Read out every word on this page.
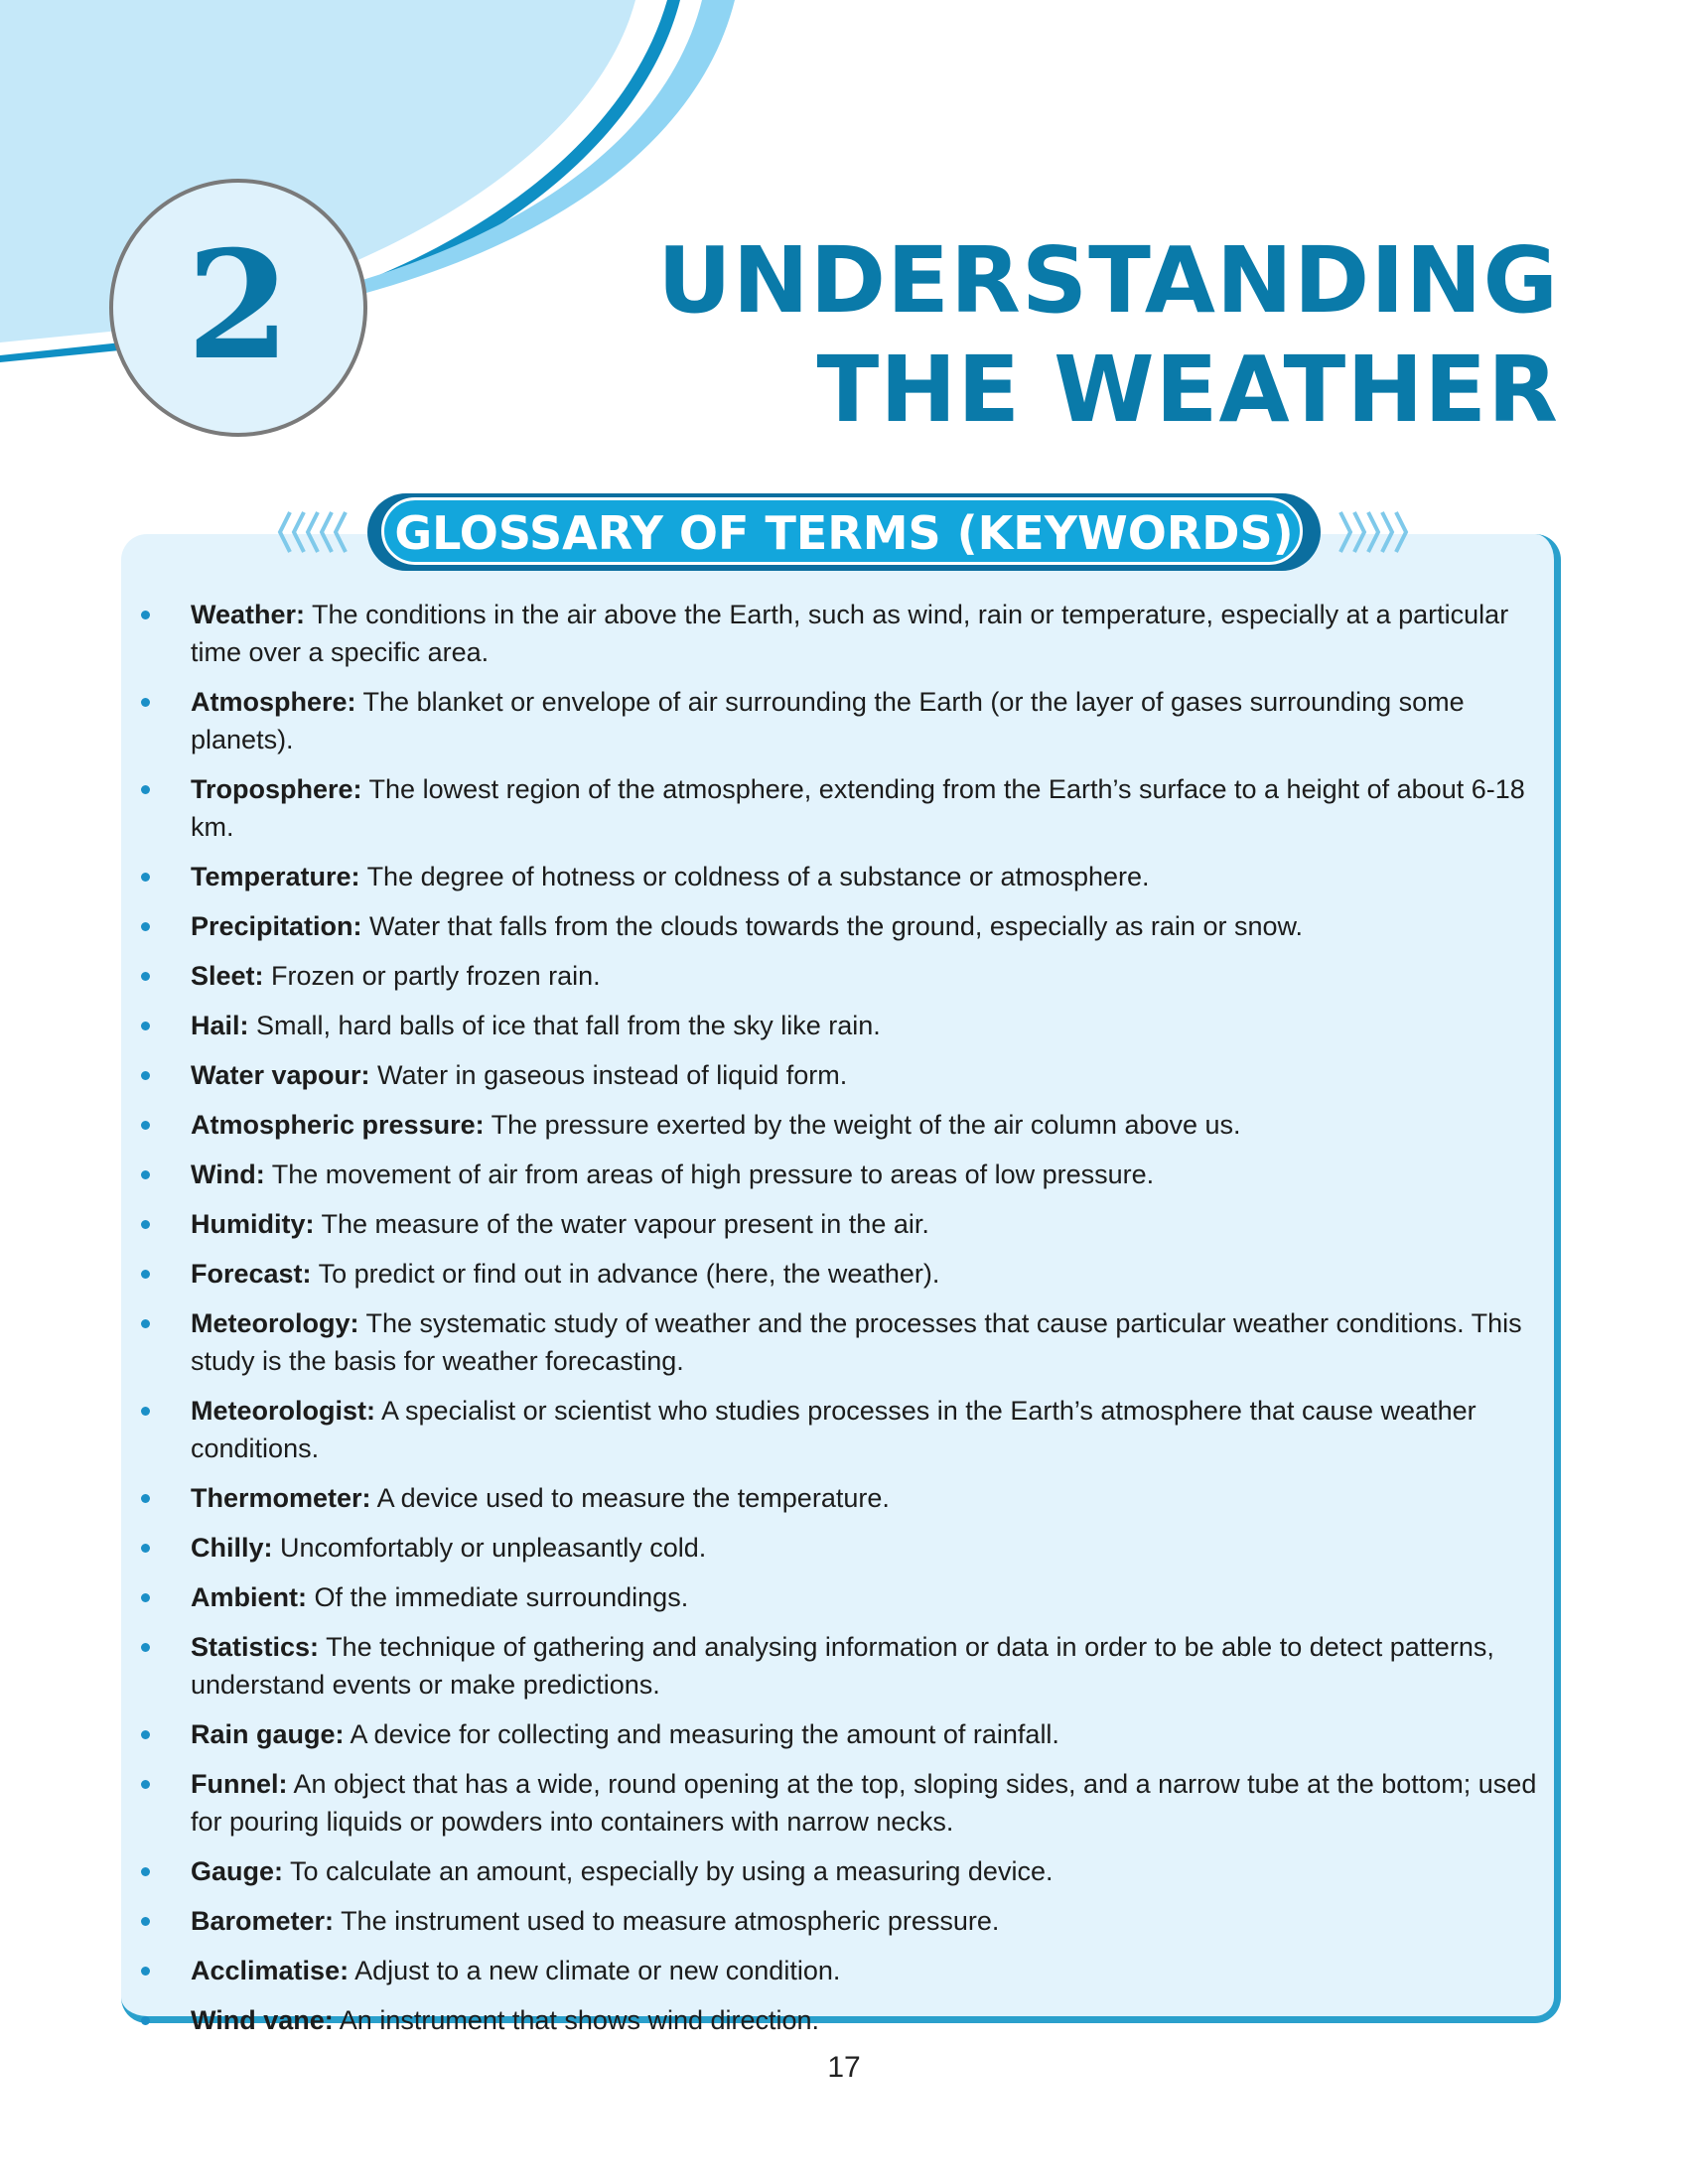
2	UNDERSTANDING
THE WEATHER
GLOSSARY OF TERMS (KEYWORDS)
Weather: The conditions in the air above the Earth, such as wind, rain or temperature, especially at a particular time over a specific area.
Atmosphere: The blanket or envelope of air surrounding the Earth (or the layer of gases surrounding some planets).
Troposphere: The lowest region of the atmosphere, extending from the Earth’s surface to a height of about 6-18 km.
Temperature: The degree of hotness or coldness of a substance or atmosphere.
Precipitation: Water that falls from the clouds towards the ground, especially as rain or snow.
Sleet: Frozen or partly frozen rain.
Hail: Small, hard balls of ice that fall from the sky like rain.
Water vapour: Water in gaseous instead of liquid form.
Atmospheric pressure: The pressure exerted by the weight of the air column above us.
Wind: The movement of air from areas of high pressure to areas of low pressure.
Humidity: The measure of the water vapour present in the air.
Forecast: To predict or find out in advance (here, the weather).
Meteorology: The systematic study of weather and the processes that cause particular weather conditions. This study is the basis for weather forecasting.
Meteorologist: A specialist or scientist who studies processes in the Earth’s atmosphere that cause weather conditions.
Thermometer: A device used to measure the temperature.
Chilly: Uncomfortably or unpleasantly cold.
Ambient: Of the immediate surroundings.
Statistics: The technique of gathering and analysing information or data in order to be able to detect patterns, understand events or make predictions.
Rain gauge: A device for collecting and measuring the amount of rainfall.
Funnel: An object that has a wide, round opening at the top, sloping sides, and a narrow tube at the bottom; used for pouring liquids or powders into containers with narrow necks.
Gauge: To calculate an amount, especially by using a measuring device.
Barometer: The instrument used to measure atmospheric pressure.
Acclimatise: Adjust to a new climate or new condition.
Wind vane: An instrument that shows wind direction.

17
